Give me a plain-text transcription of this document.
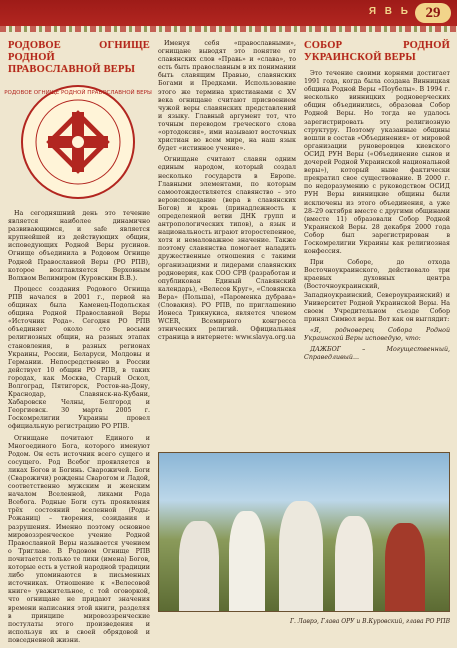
Я В Ь 29
РОДОВОЕ ОГНИЩЕ РОДНОЙ ПРАВОСЛАВНОЙ ВЕРЫ
РОДОВОЕ ОГНИЩЕ РОДНОЙ ПРАВОСЛАВНОЙ ВЕРЫ

На сегодняшний день это течение является наиболее динамично развивающимся, и safe является крупнейшей из действующих общин, исповедующих Родной Веры русинов. Огнище объединила в Родовом Огнище Родной Православной Веры (РО РПВ), которое возглавляется Верховным Волхвом Велимиром (Куровским В.В.).

Процесс создания Родового Огнища РПВ начался в 2001 г., первой на общинах была Каменец-Подольская община Родной Православной Веры «Источник Рода». Сегодня РО РПВ объединяет около сто восьми религиозных общин, на разных этапах становления, в разных регионах Украины, России, Беларуси, Молдовы и Германии. Непосредственно в России действует 10 общин РО РПВ, в таких городах, как Москва, Старый Оскол, Волгоград, Пятигорск, Ростов-на-Дону, Краснодар, Славянск-на-Кубани, Хабаровске Челны, Белгород и Георгиевск. 30 марта 2005 г. Госкомрелигии Украины провел официальную регистрацию РО РПВ.

Огнищане почитают Единого и Многоединого Бога, которого именуют Родом. Он есть источник всего сущего и сосущего. Род Всебог проявляется в ликах Богов и Богинь. Сварожичей. Боги (Сварожичи) рождены Сварогом и Ладой, соответственно мужским и женским началом Вселенной, ликами Рода Всебога. Родные Боги суть проявления трёх состояний вселенной (Роды-Рожаниц) – творения, созидания и разрушения. Именно поэтому основное мировоззренческое учение Родной Православной Веры называется учением о Триглаве. В Родовом Огнище РПВ почитается только те лики (имена) Богов, которые есть в устной народной традиции либо упоминаются в письменных источниках. Отношение к «Велесовой книге» уважительное, с той оговоркой, что огнищане не придают значения времени написания этой книги, разделяя в принципе мировоззренческие постулаты этого произведения и используя их в своей обрядовой и повседневной жизни.

Именуя себя «православными», огнищане выводят это понятие от славянских слов «Правь» и «слава», то есть быть православным в их понимании быть славящим Правью, славянских Богами и Предками. Использование этого же термина христианами с XV века огнищане считают присвоением чужой веры славянских представлений и языку. Главный аргумент тот, что точным переводом греческого слова «ортодоксия», ими называют восточных христиан во всем мире, на наш язык будет «истинное учение».

Огнищане считают славян одним единым народом, который создал несколько государств в Европе. Главными элементами, по которым самоотождествляется славянство – это вероисповедание (вера в славянских Богов) и кровь (принадлежность к определенной ветви ДНК групп и антропологических типов), а язык и национальность играют второстепенное, хотя и немаловажное значение. Также поэтому славянства помогает наладить дружественные отношения с такими организациями и лидерами славянских родноверия, как СОО СРВ (разработан и опубликован Единый Славянский календарь), «Велесов Круг», «Словянска Вера» (Польша), «Пароменка дубрава» (Словакия). РО РПВ, по приглашению Ионеса Трикнукиса, является членом WCER, Всемирного конгресса этнических религий. Официальная страница в интернете: www.slavya.org.ua

СОБОР РОДНОЙ УКРАИНСКОЙ ВЕРЫ

Это течение своими корнями достигает 1991 года, когда была создана Винницкая община Родной Веры «Поубелы». В 1994 г. несколько винницких родноверческих общин объединились, образовав Собор Родной Веры. Но тогда не удалось зарегистрировать эту религиозную структуру. Поэтому указанные общины вошли в состав «Объединения» от мировой организации руноверовцев киевского ОСИД РУН Веры («Объединение сынов и дочерей Родной Украинской национальной веры»), который ныне фактически прекратил свое существование. В 2000 г. по недоразумению с руководством ОСИД РУН Веры винницкие общины были исключены из этого объединения, а уже 28–29 октября вместе с другими общинами (вместе 11) образовали Собор Родной Украинской Веры. 28 декабря 2000 года Собор был зарегистрирован в Госкомрелигии Украины как религиозная конфессия.

При Соборе, до отхода Восточноукраинского, действовало три краевых духовных центра (Восточноукраинский, Западноукраинский, Североукраинский) и Университет Родной Украинской Веры. На своем Учредительном съезде Собор принял Символ веры. Вот как он выглядит:

«Я, родноверец Собора Родной Украинской Веры исповедую, что:

ДАЖБОГ – Могущественный, Справедливый...

Г. Лаврэ, Глава ОРУ и В.Куровский, глава РО РПВ
